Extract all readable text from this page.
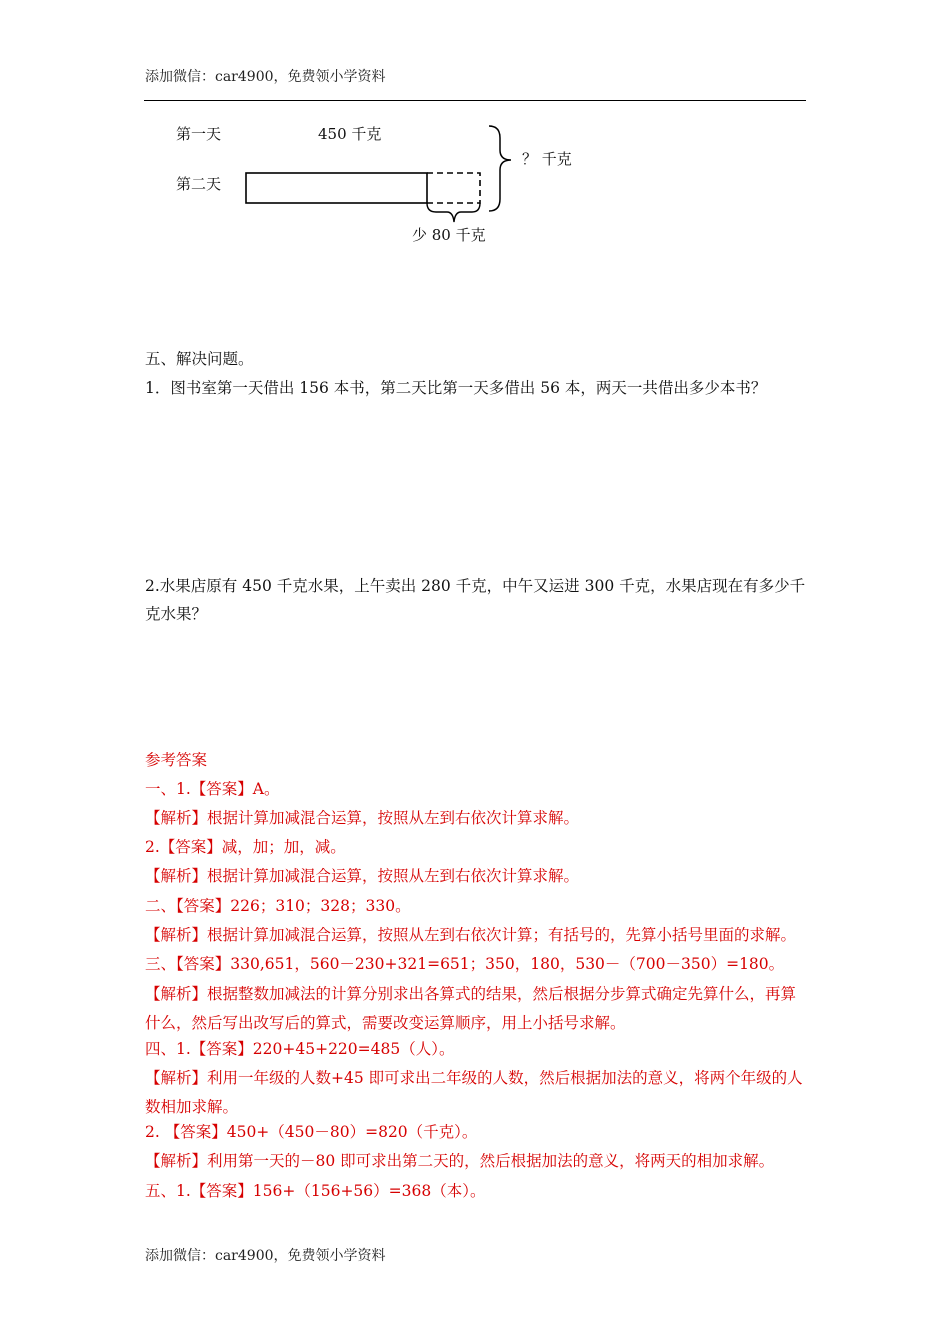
添加微信：car4900，免费领小学资料
第一天	450 千克
第二天
？ 千克
少 80 千克
五、解决问题。
1．图书室第一天借出 156 本书，第二天比第一天多借出 56 本，两天一共借出多少本书？
2.水果店原有 450 千克水果，上午卖出 280 千克，中午又运进 300 千克，水果店现在有多少千克水果？
参考答案
一、1.【答案】A。
【解析】根据计算加减混合运算，按照从左到右依次计算求解。
2.【答案】减，加；加，减。
【解析】根据计算加减混合运算，按照从左到右依次计算求解。
二、【答案】226；310；328；330。
【解析】根据计算加减混合运算，按照从左到右依次计算；有括号的，先算小括号里面的求解。
三、【答案】330,651，560－230+321=651；350，180，530－（700－350）=180。
【解析】根据整数加减法的计算分别求出各算式的结果，然后根据分步算式确定先算什么，再算什么，然后写出改写后的算式，需要改变运算顺序，用上小括号求解。
四、1.【答案】220+45+220=485（人）。
【解析】利用一年级的人数+45 即可求出二年级的人数，然后根据加法的意义，将两个年级的人数相加求解。
2. 【答案】450+（450－80）=820（千克）。
【解析】利用第一天的－80 即可求出第二天的，然后根据加法的意义，将两天的相加求解。
五、1.【答案】156+（156+56）=368（本）。
添加微信：car4900，免费领小学资料
